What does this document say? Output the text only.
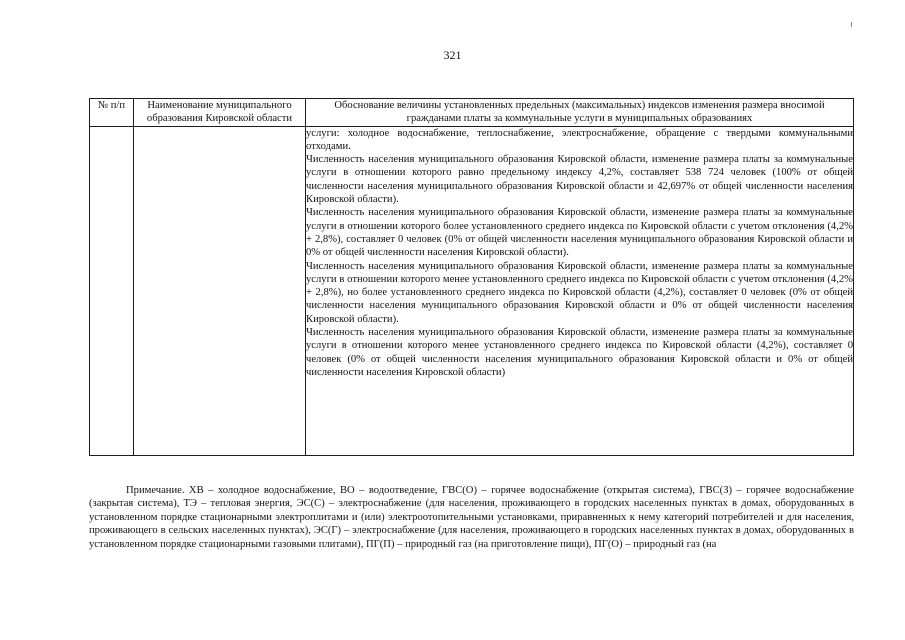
321
№ п/п	Наименование муниципального образования Кировской области	Обоснование величины установленных предельных (максимальных) индексов изменения размера вносимой гражданами платы за коммунальные услуги в муниципальных образованиях

		услуги: холодное водоснабжение, теплоснабжение, электроснабжение, обращение с твердыми коммунальными отходами.

Численность населения муниципального образования Кировской области, изменение размера платы за коммунальные услуги в отношении которого равно предельному индексу 4,2%, составляет 538 724 человек (100% от общей численности населения муниципального образования Кировской области и 42,697% от общей численности населения Кировской области).

Численность населения муниципального образования Кировской области, изменение размера платы за коммунальные услуги в отношении которого более установленного среднего индекса по Кировской области с учетом отклонения (4,2% + 2,8%), составляет 0 человек (0% от общей численности населения муниципального образования Кировской области и 0% от общей численности населения Кировской области).

Численность населения муниципального образования Кировской области, изменение размера платы за коммунальные услуги в отношении которого менее установленного среднего индекса по Кировской области с учетом отклонения (4,2% + 2,8%), но более установленного среднего индекса по Кировской области (4,2%), составляет 0 человек (0% от общей численности населения муниципального образования Кировской области и 0% от общей численности населения Кировской области).

Численность населения муниципального образования Кировской области, изменение размера платы за коммунальные услуги в отношении которого менее установленного среднего индекса по Кировской области (4,2%), составляет 0 человек (0% от общей численности населения муниципального образования Кировской области и 0% от общей численности населения Кировской области)

Примечание. ХВ – холодное водоснабжение, ВО – водоотведение, ГВС(О) – горячее водоснабжение (открытая система), ГВС(З) – горячее водоснабжение (закрытая система), ТЭ – тепловая энергия, ЭС(С) – электроснабжение (для населения, проживающего в городских населенных пунктах в домах, оборудованных в установленном порядке стационарными электроплитами и (или) электроотопительными установками, приравненных к нему категорий потребителей и для населения, проживающего в сельских населенных пунктах), ЭС(Г) – электроснабжение (для населения, проживающего в городских населенных пунктах в домах, оборудованных в установленном порядке стационарными газовыми плитами), ПГ(П) – природный газ (на приготовление пищи), ПГ(О) – природный газ (на
